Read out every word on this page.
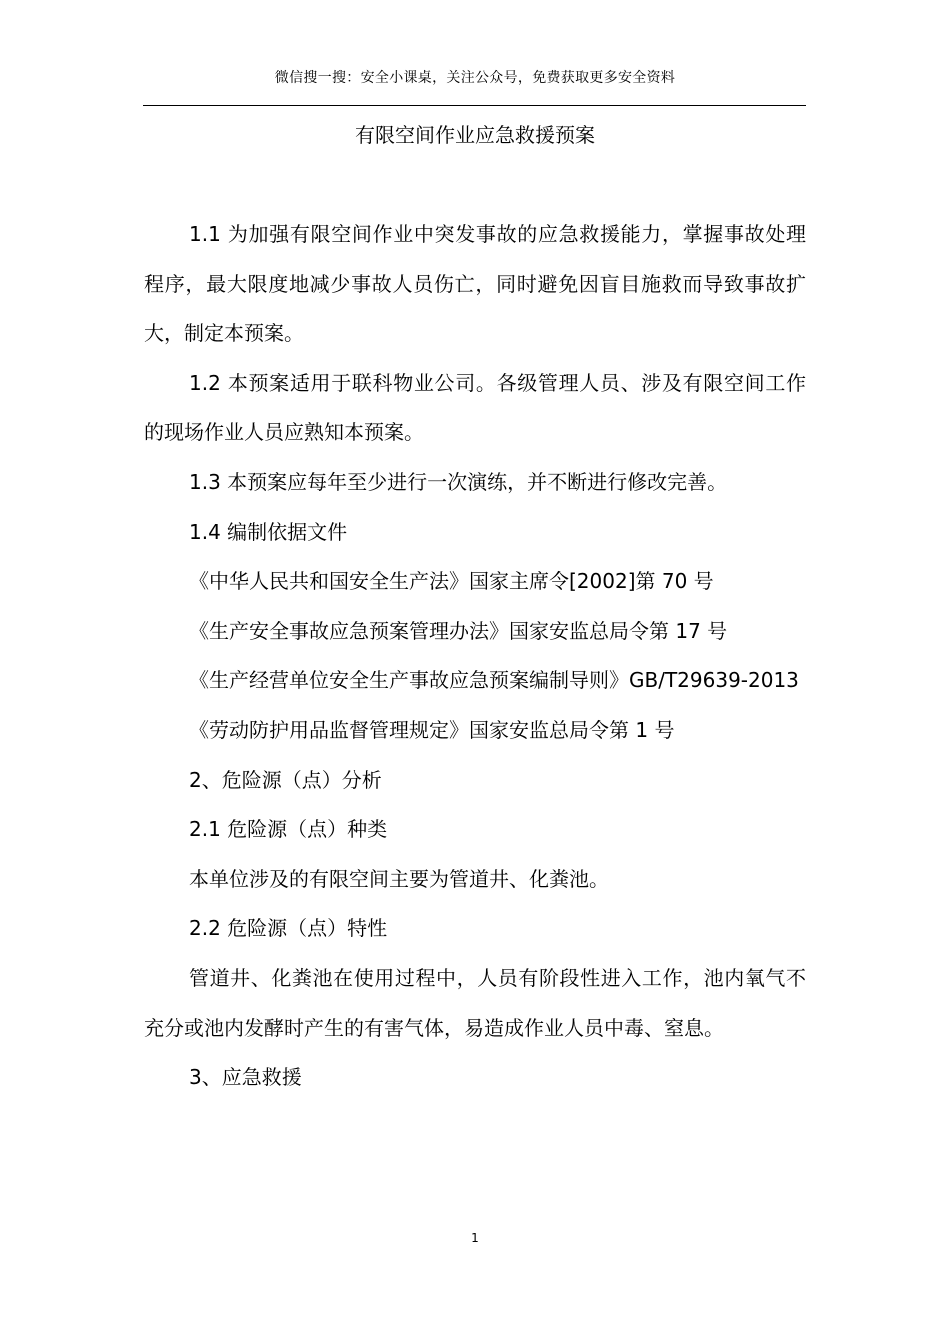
微信搜一搜：安全小课桌，关注公众号，免费获取更多安全资料
有限空间作业应急救援预案

1.1 为加强有限空间作业中突发事故的应急救援能力，掌握事故处理程序，最大限度地减少事故人员伤亡，同时避免因盲目施救而导致事故扩大，制定本预案。

1.2 本预案适用于联科物业公司。各级管理人员、涉及有限空间工作的现场作业人员应熟知本预案。

1.3 本预案应每年至少进行一次演练，并不断进行修改完善。

1.4 编制依据文件

《中华人民共和国安全生产法》国家主席令[2002]第 70 号

《生产安全事故应急预案管理办法》国家安监总局令第 17 号

《生产经营单位安全生产事故应急预案编制导则》GB/T29639-2013

《劳动防护用品监督管理规定》国家安监总局令第 1 号

2、危险源（点）分析

2.1 危险源（点）种类

本单位涉及的有限空间主要为管道井、化粪池。

2.2 危险源（点）特性

管道井、化粪池在使用过程中，人员有阶段性进入工作，池内氧气不充分或池内发酵时产生的有害气体，易造成作业人员中毒、窒息。

3、应急救援

1
